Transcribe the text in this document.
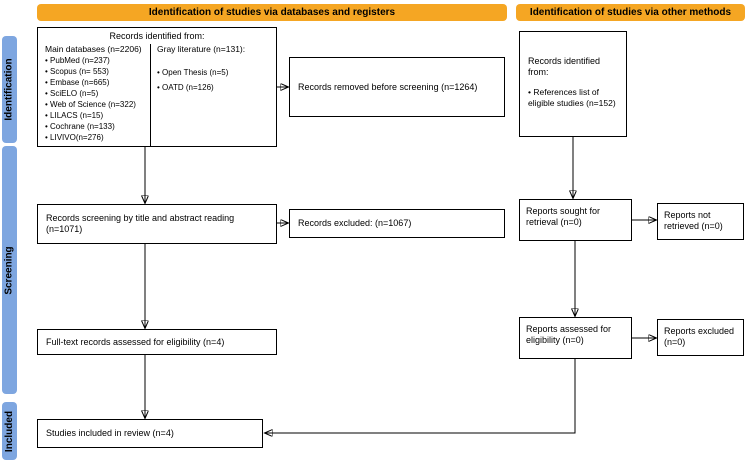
Identification of studies via databases and registers	Identification of studies via other methods
Identification
Screening
Included
Records identified from:
Main databases (n=2206)
• PubMed (n=237)
• Scopus (n= 553)
• Embase (n=665)
• SciELO (n=5)
• Web of Science (n=322)
• LILACS (n=15)
• Cochrane (n=133)
• LIVIVO(n=276)
Gray literature (n=131):
• Open Thesis (n=5)
• OATD (n=126)	Records removed before screening (n=1264)
Records identified from:
• References list of eligible studies (n=152)
Records screening by title and abstract reading (n=1071)
Records excluded: (n=1067)
Reports sought for retrieval (n=0)
Reports not retrieved (n=0)
Full-text records assessed for eligibility (n=4)
Reports assessed for eligibility (n=0)
Reports excluded (n=0)
Studies included in review (n=4)
